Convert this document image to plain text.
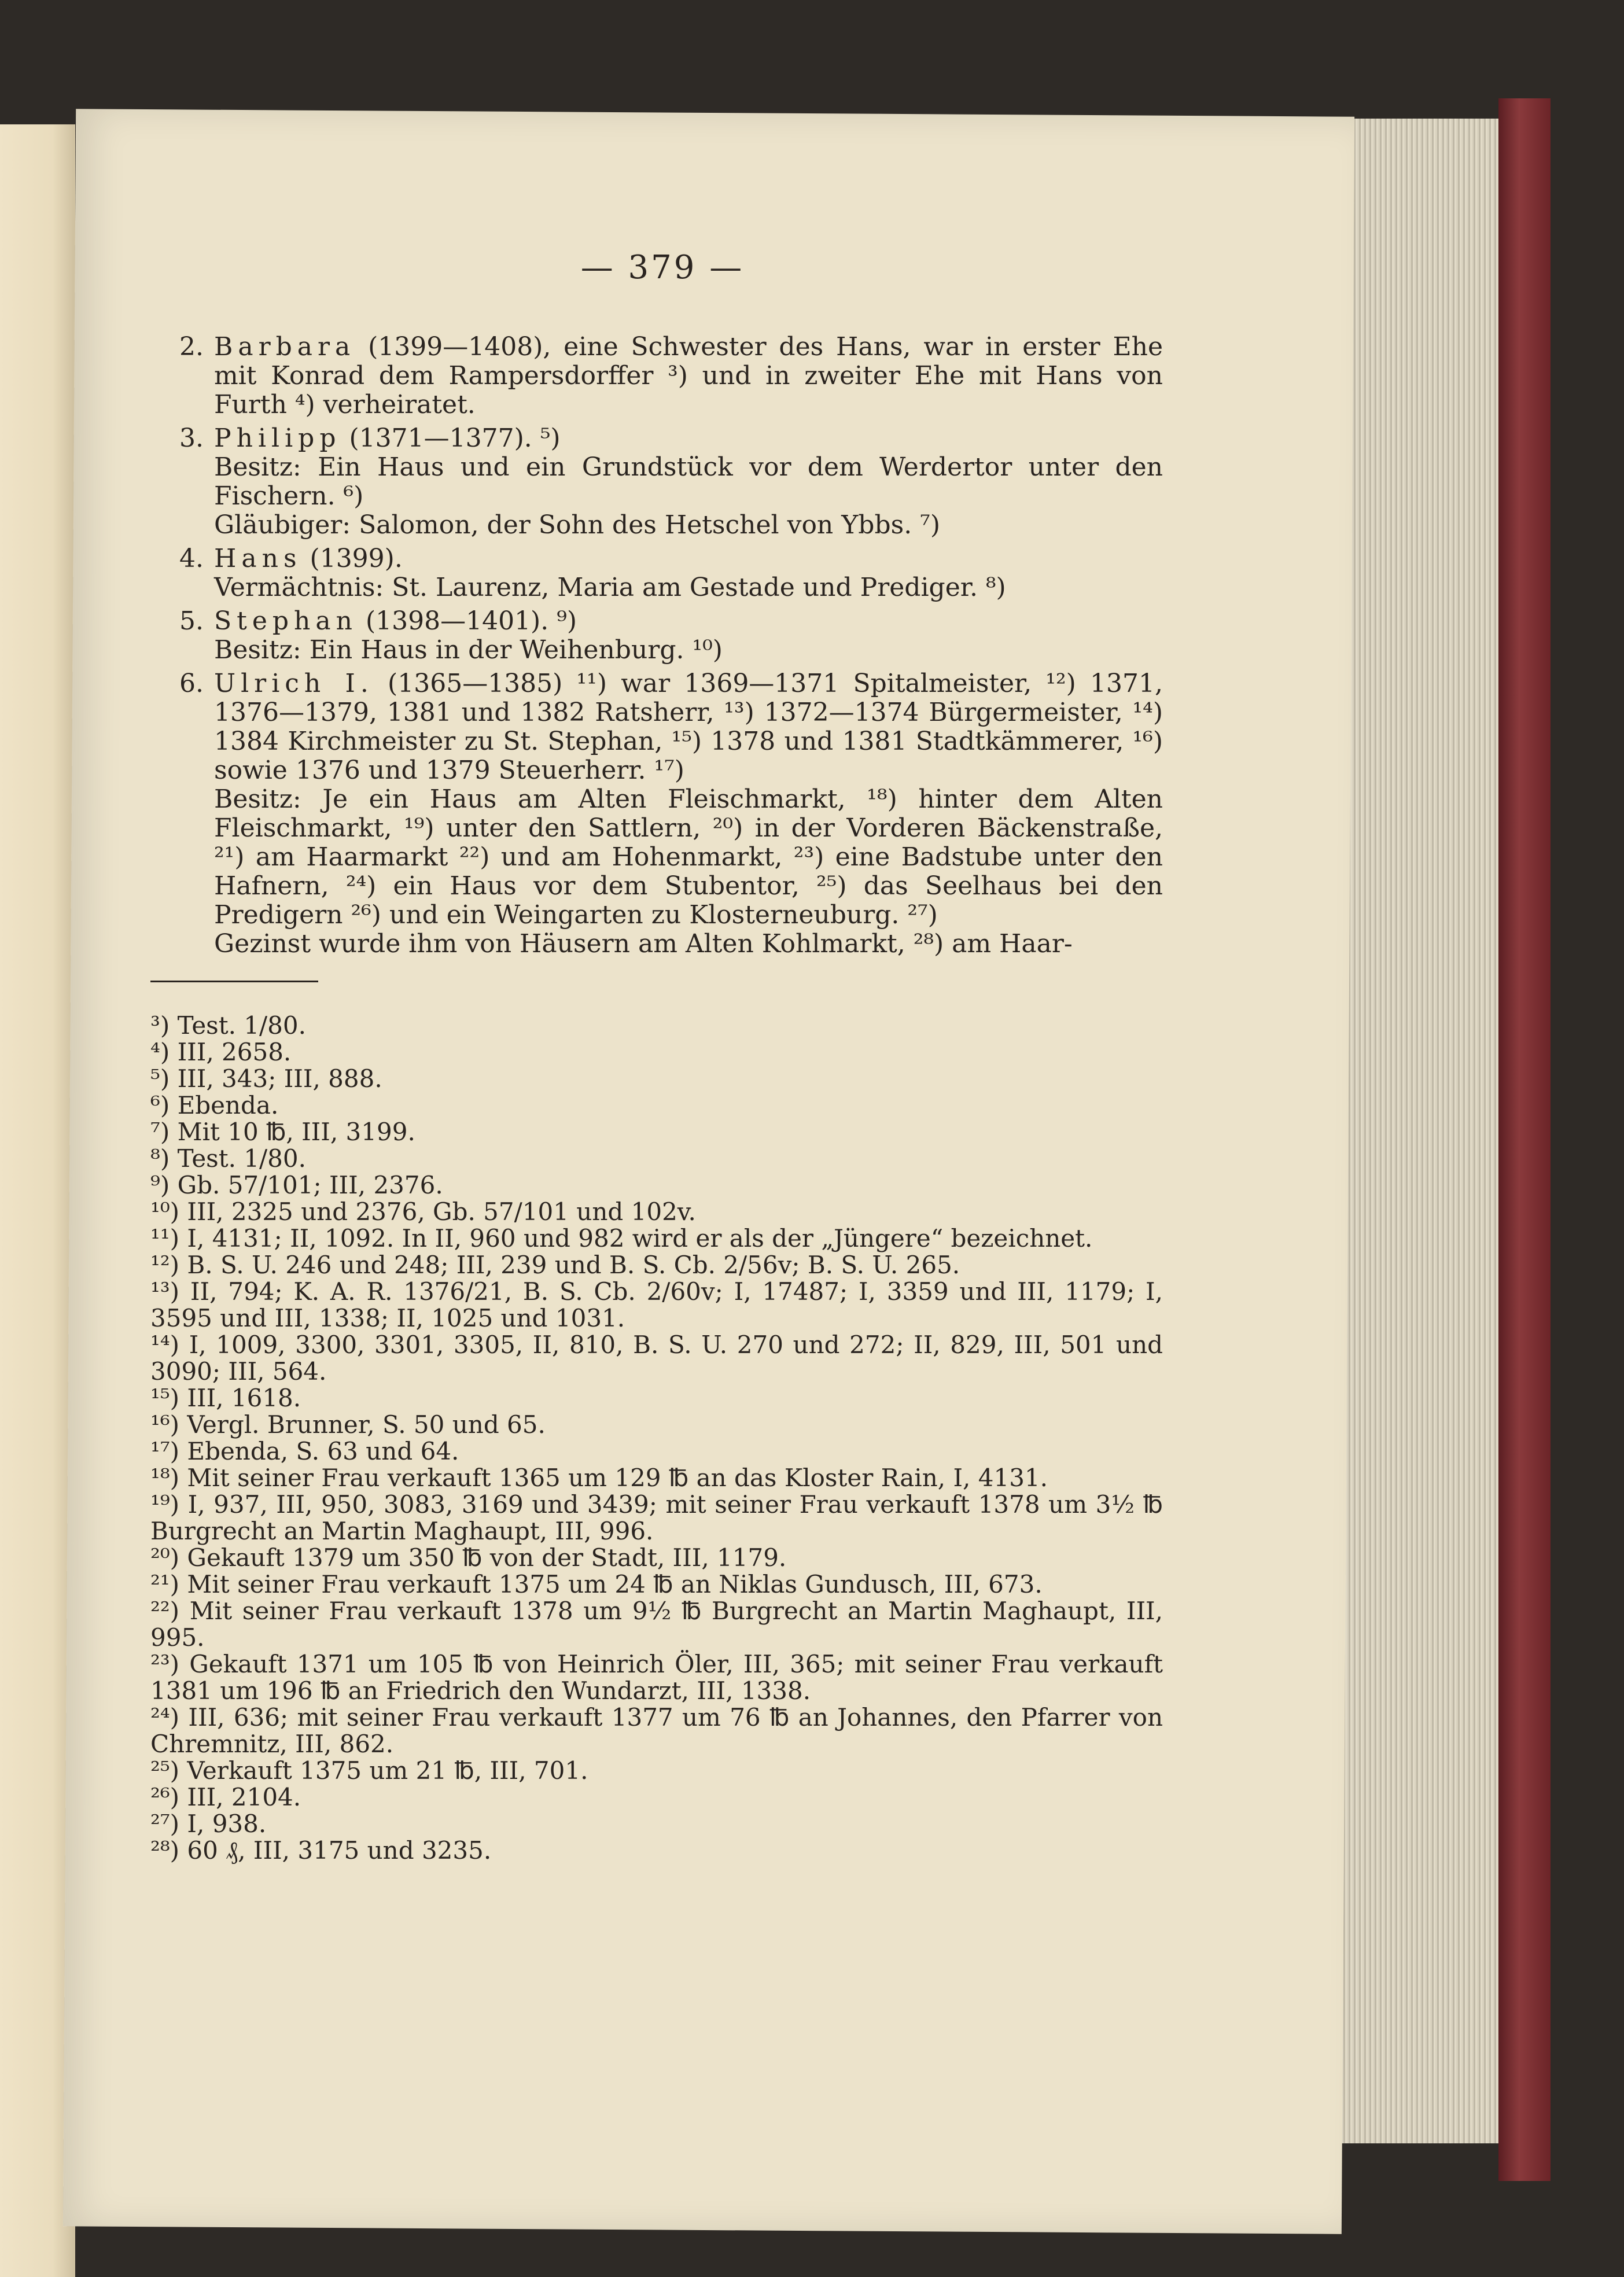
— 379 —
2. Barbara (1399—1408), eine Schwester des Hans, war in erster Ehe mit Konrad dem Rampersdorffer ³) und in zweiter Ehe mit Hans von Furth ⁴) verheiratet.

3. Philipp (1371—1377). ⁵)

Besitz: Ein Haus und ein Grundstück vor dem Werdertor unter den Fischern. ⁶)

Gläubiger: Salomon, der Sohn des Hetschel von Ybbs. ⁷)

4. Hans (1399).

Vermächtnis: St. Laurenz, Maria am Gestade und Prediger. ⁸)

5. Stephan (1398—1401). ⁹)

Besitz: Ein Haus in der Weihenburg. ¹⁰)

6. Ulrich I. (1365—1385) ¹¹) war 1369—1371 Spitalmeister, ¹²) 1371, 1376—1379, 1381 und 1382 Ratsherr, ¹³) 1372—1374 Bürgermeister, ¹⁴) 1384 Kirchmeister zu St. Stephan, ¹⁵) 1378 und 1381 Stadtkämmerer, ¹⁶) sowie 1376 und 1379 Steuerherr. ¹⁷)

Besitz: Je ein Haus am Alten Fleischmarkt, ¹⁸) hinter dem Alten Fleischmarkt, ¹⁹) unter den Sattlern, ²⁰) in der Vorderen Bäckenstraße, ²¹) am Haarmarkt ²²) und am Hohenmarkt, ²³) eine Badstube unter den Hafnern, ²⁴) ein Haus vor dem Stubentor, ²⁵) das Seelhaus bei den Predigern ²⁶) und ein Weingarten zu Klosterneuburg. ²⁷)

Gezinst wurde ihm von Häusern am Alten Kohlmarkt, ²⁸) am Haar-

³) Test. 1/80.

⁴) III, 2658.

⁵) III, 343; III, 888.

⁶) Ebenda.

⁷) Mit 10 ℔, III, 3199.

⁸) Test. 1/80.

⁹) Gb. 57/101; III, 2376.

¹⁰) III, 2325 und 2376, Gb. 57/101 und 102v.

¹¹) I, 4131; II, 1092. In II, 960 und 982 wird er als der „Jüngere“ bezeichnet.

¹²) B. S. U. 246 und 248; III, 239 und B. S. Cb. 2/56v; B. S. U. 265.

¹³) II, 794; K. A. R. 1376/21, B. S. Cb. 2/60v; I, 17487; I, 3359 und III, 1179; I, 3595 und III, 1338; II, 1025 und 1031.

¹⁴) I, 1009, 3300, 3301, 3305, II, 810, B. S. U. 270 und 272; II, 829, III, 501 und 3090; III, 564.

¹⁵) III, 1618.

¹⁶) Vergl. Brunner, S. 50 und 65.

¹⁷) Ebenda, S. 63 und 64.

¹⁸) Mit seiner Frau verkauft 1365 um 129 ℔ an das Kloster Rain, I, 4131.

¹⁹) I, 937, III, 950, 3083, 3169 und 3439; mit seiner Frau verkauft 1378 um 3½ ℔ Burgrecht an Martin Maghaupt, III, 996.

²⁰) Gekauft 1379 um 350 ℔ von der Stadt, III, 1179.

²¹) Mit seiner Frau verkauft 1375 um 24 ℔ an Niklas Gundusch, III, 673.

²²) Mit seiner Frau verkauft 1378 um 9½ ℔ Burgrecht an Martin Maghaupt, III, 995.

²³) Gekauft 1371 um 105 ℔ von Heinrich Öler, III, 365; mit seiner Frau verkauft 1381 um 196 ℔ an Friedrich den Wundarzt, III, 1338.

²⁴) III, 636; mit seiner Frau verkauft 1377 um 76 ℔ an Johannes, den Pfarrer von Chremnitz, III, 862.

²⁵) Verkauft 1375 um 21 ℔, III, 701.

²⁶) III, 2104.

²⁷) I, 938.

²⁸) 60 ₰, III, 3175 und 3235.
